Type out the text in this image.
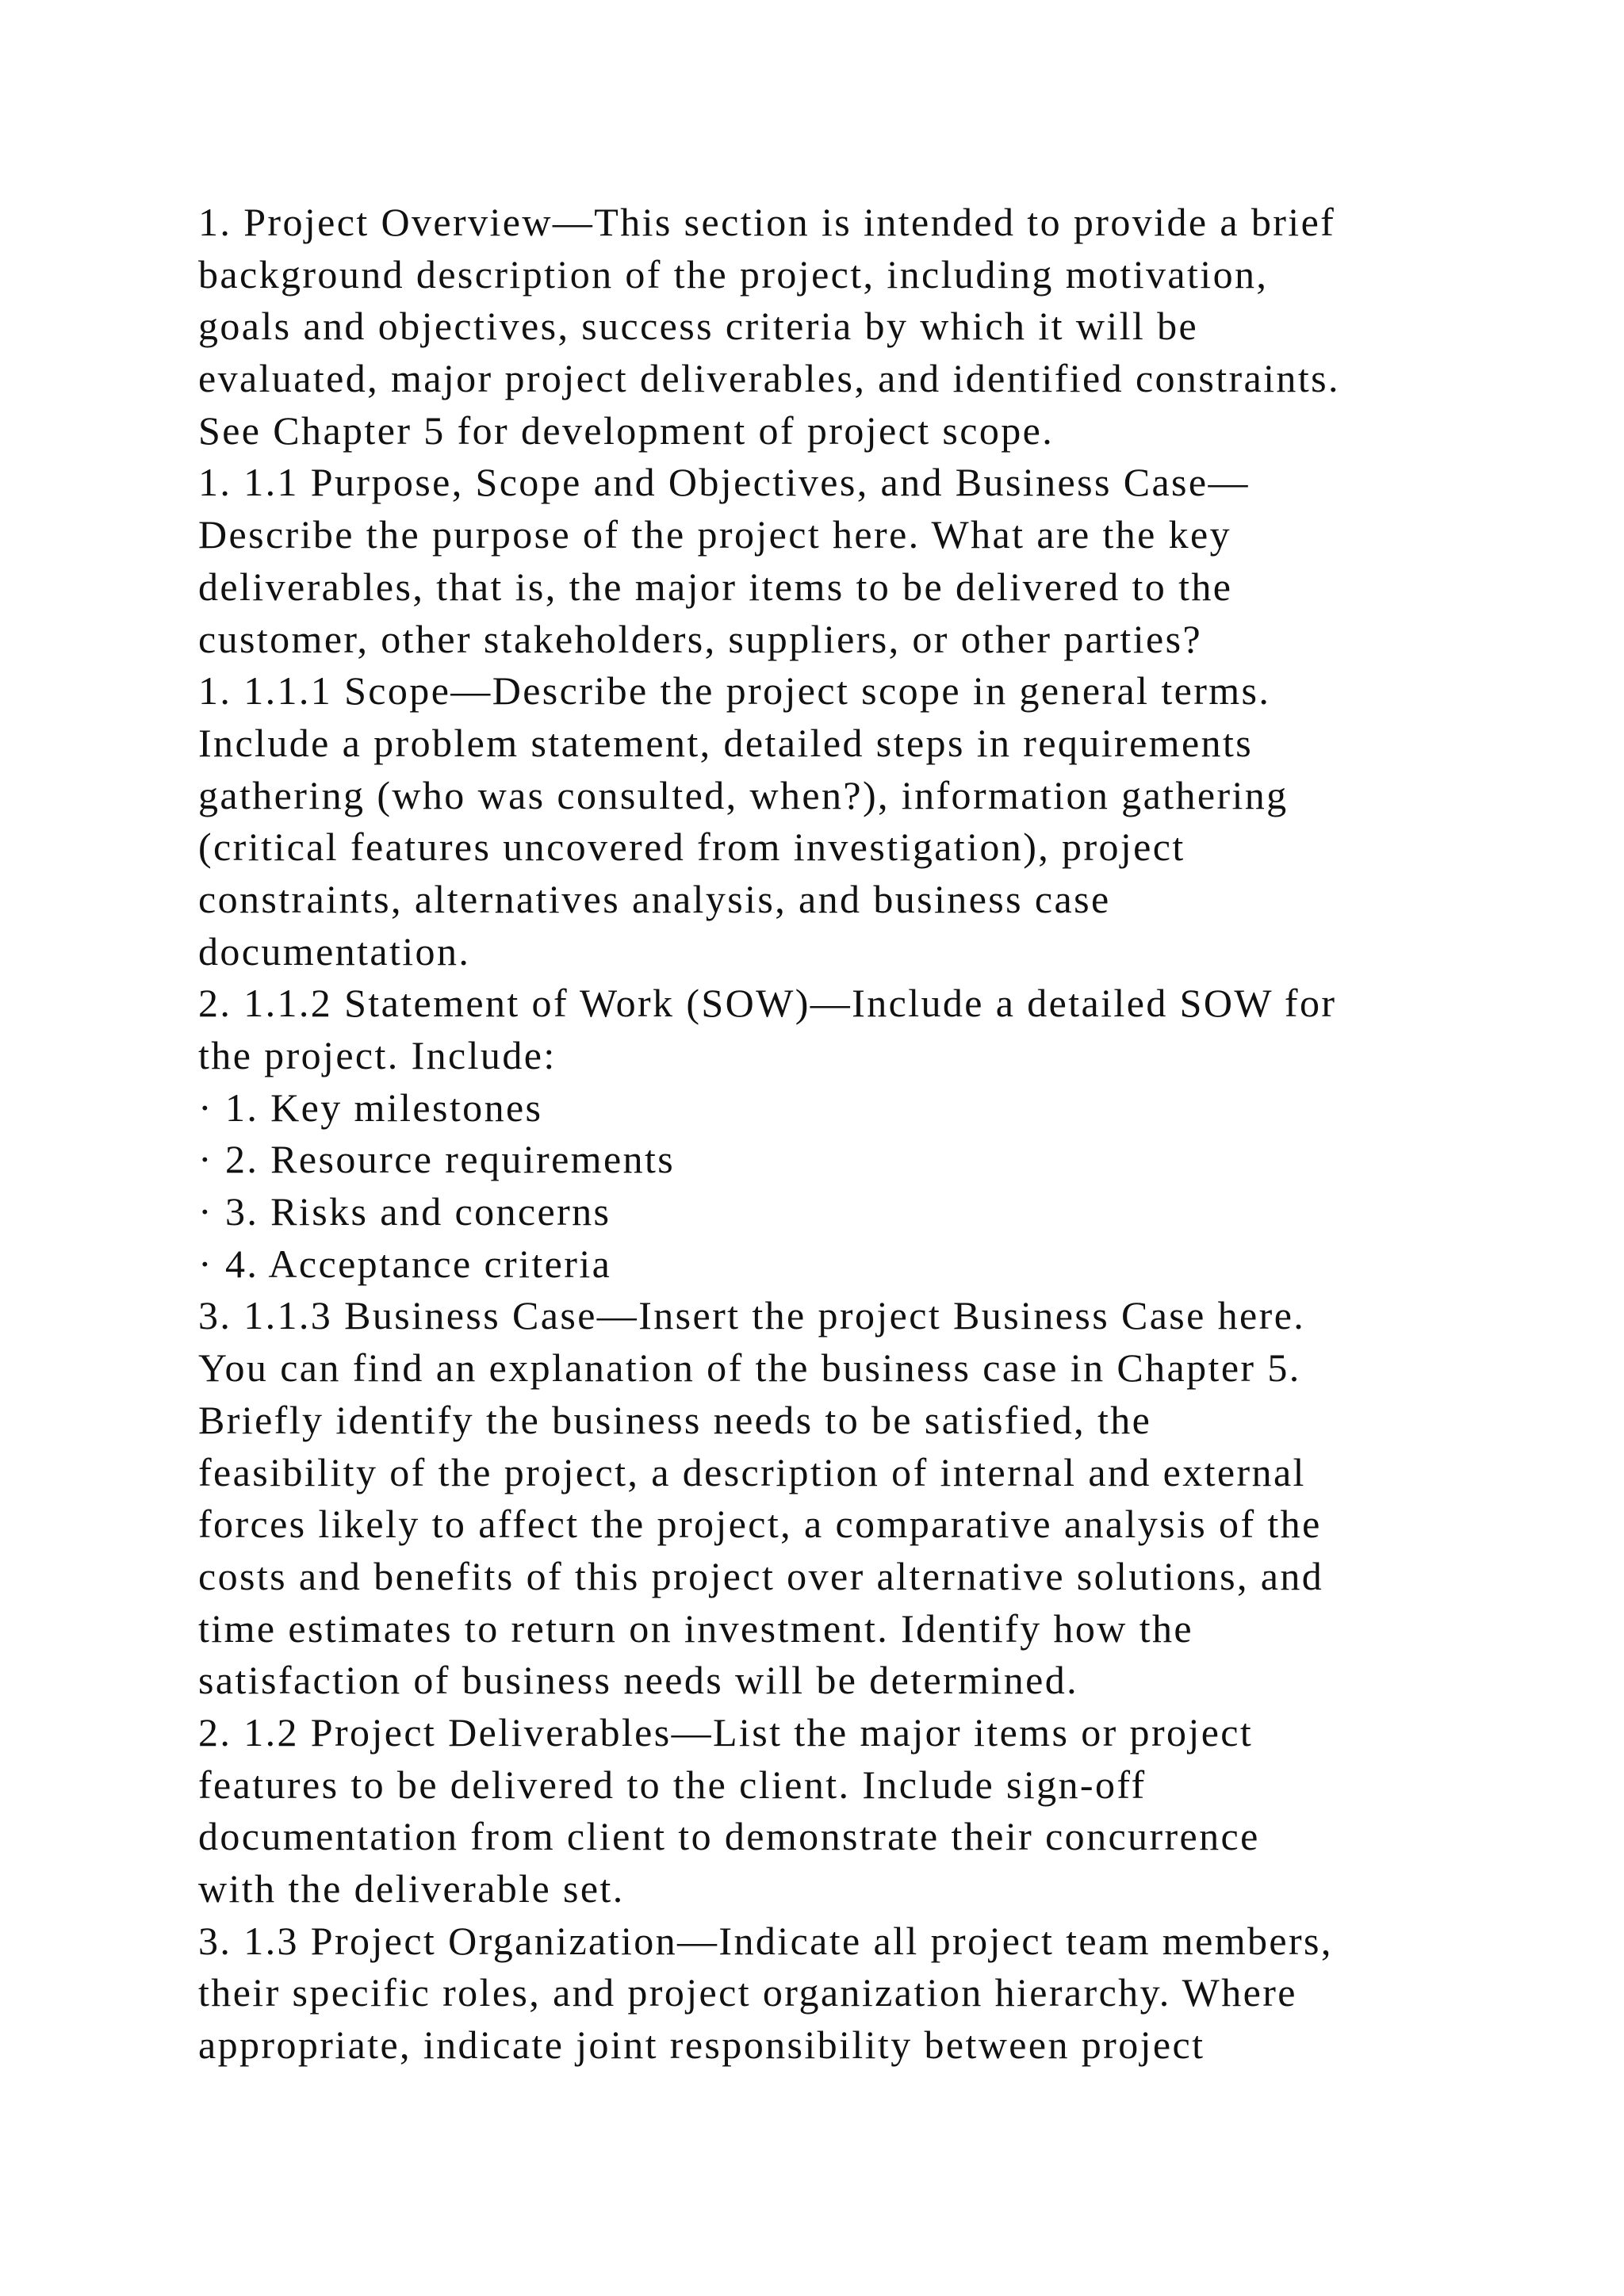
1. Project Overview—This section is intended to provide a brief

background description of the project, including motivation,

goals and objectives, success criteria by which it will be

evaluated, major project deliverables, and identified constraints.

See Chapter 5 for development of project scope.

1. 1.1 Purpose, Scope and Objectives, and Business Case—

Describe the purpose of the project here. What are the key

deliverables, that is, the major items to be delivered to the

customer, other stakeholders, suppliers, or other parties?

1. 1.1.1 Scope—Describe the project scope in general terms.

Include a problem statement, detailed steps in requirements

gathering (who was consulted, when?), information gathering

(critical features uncovered from investigation), project

constraints, alternatives analysis, and business case

documentation.

2. 1.1.2 Statement of Work (SOW)—Include a detailed SOW for

the project. Include:

· 1. Key milestones

· 2. Resource requirements

· 3. Risks and concerns

· 4. Acceptance criteria

3. 1.1.3 Business Case—Insert the project Business Case here.

You can find an explanation of the business case in Chapter 5.

Briefly identify the business needs to be satisfied, the

feasibility of the project, a description of internal and external

forces likely to affect the project, a comparative analysis of the

costs and benefits of this project over alternative solutions, and

time estimates to return on investment. Identify how the

satisfaction of business needs will be determined.

2. 1.2 Project Deliverables—List the major items or project

features to be delivered to the client. Include sign-off

documentation from client to demonstrate their concurrence

with the deliverable set.

3. 1.3 Project Organization—Indicate all project team members,

their specific roles, and project organization hierarchy. Where

appropriate, indicate joint responsibility between project
